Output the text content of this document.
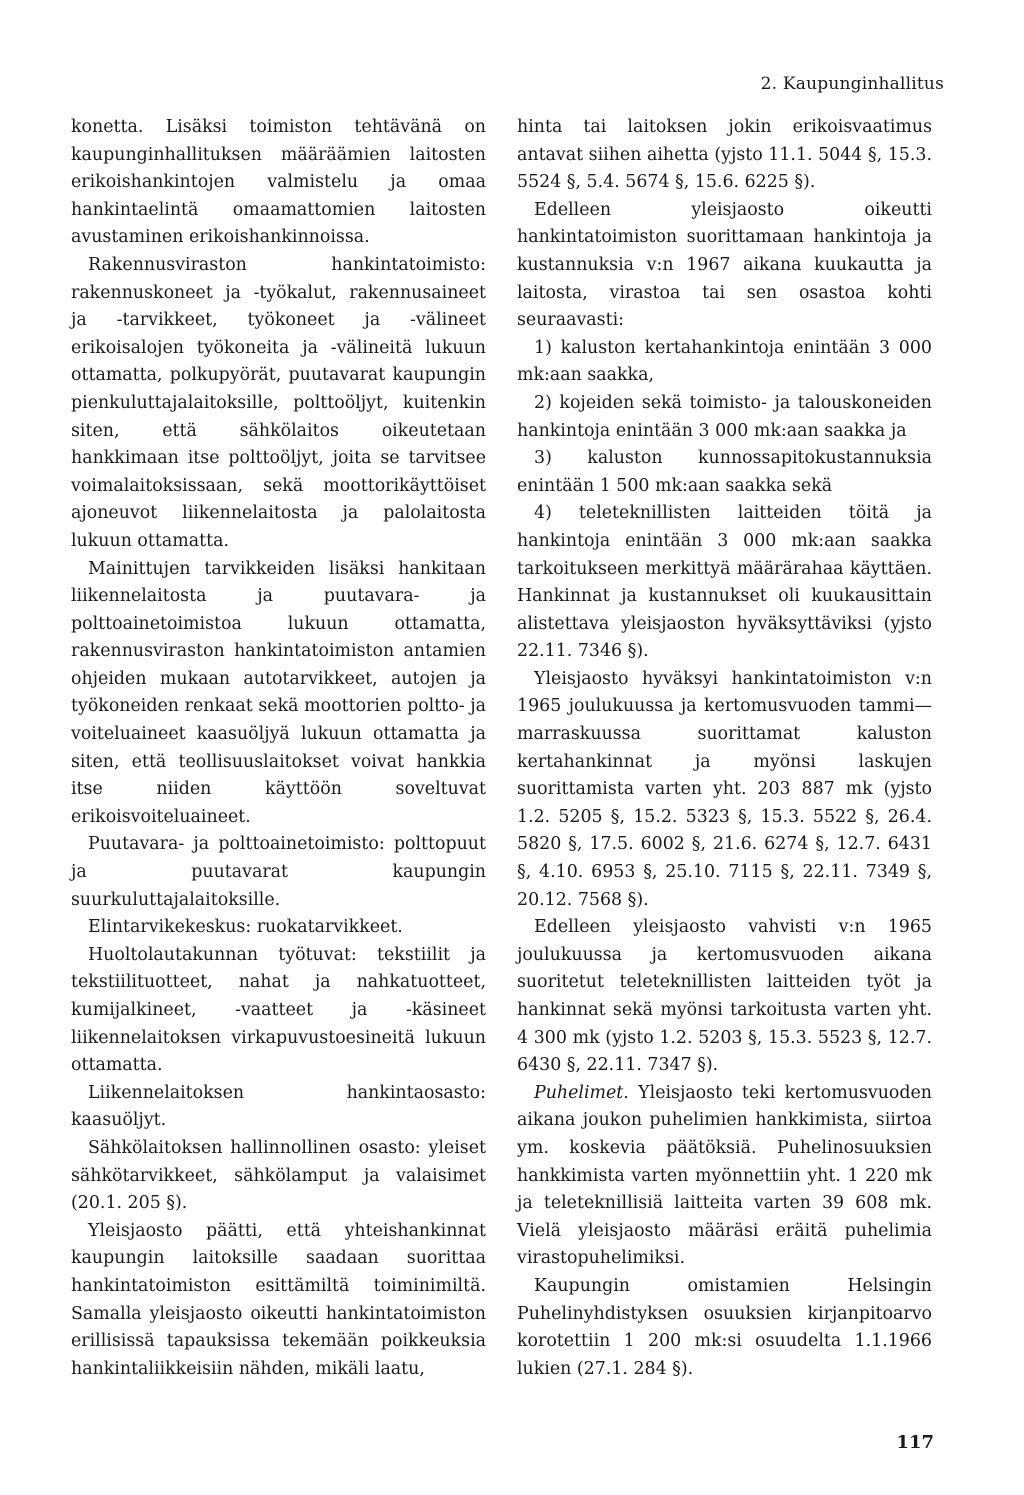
2. Kaupunginhallitus

konetta. Lisäksi toimiston tehtävänä on kaupunginhallituksen määräämien laitosten erikoishankintojen valmistelu ja omaa hankintaelintä omaamattomien laitosten avustaminen erikoishankinnoissa.

Rakennusviraston hankintatoimisto: rakennuskoneet ja -työkalut, rakennusaineet ja -tarvikkeet, työkoneet ja -välineet erikoisalojen työkoneita ja -välineitä lukuun ottamatta, polkupyörät, puutavarat kaupungin pienkuluttajalaitoksille, polttoöljyt, kuitenkin siten, että sähkölaitos oikeutetaan hankkimaan itse polttoöljyt, joita se tarvitsee voimalaitoksissaan, sekä moottorikäyttöiset ajoneuvot liikennelaitosta ja palolaitosta lukuun ottamatta.

Mainittujen tarvikkeiden lisäksi hankitaan liikennelaitosta ja puutavara- ja polttoainetoimistoa lukuun ottamatta, rakennusviraston hankintatoimiston antamien ohjeiden mukaan autotarvikkeet, autojen ja työkoneiden renkaat sekä moottorien poltto- ja voiteluaineet kaasuöljyä lukuun ottamatta ja siten, että teollisuuslaitokset voivat hankkia itse niiden käyttöön soveltuvat erikoisvoiteluaineet.

Puutavara- ja polttoainetoimisto: polttopuut ja puutavarat kaupungin suurkuluttajalaitoksille.

Elintarvikekeskus: ruokatarvikkeet.

Huoltolautakunnan työtuvat: tekstiilit ja tekstiilituotteet, nahat ja nahkatuotteet, kumijalkineet, -vaatteet ja -käsineet liikennelaitoksen virkapuvustoesineitä lukuun ottamatta.

Liikennelaitoksen hankintaosasto: kaasuöljyt.

Sähkölaitoksen hallinnollinen osasto: yleiset sähkötarvikkeet, sähkölamput ja valaisimet (20.1. 205 §).

Yleisjaosto päätti, että yhteishankinnat kaupungin laitoksille saadaan suorittaa hankintatoimiston esittämiltä toiminimiltä. Samalla yleisjaosto oikeutti hankintatoimiston erillisissä tapauksissa tekemään poikkeuksia hankintaliikkeisiin nähden, mikäli laatu,

hinta tai laitoksen jokin erikoisvaatimus antavat siihen aihetta (yjsto 11.1. 5044 §, 15.3. 5524 §, 5.4. 5674 §, 15.6. 6225 §).

Edelleen yleisjaosto oikeutti hankintatoimiston suorittamaan hankintoja ja kustannuksia v:n 1967 aikana kuukautta ja laitosta, virastoa tai sen osastoa kohti seuraavasti:

1) kaluston kertahankintoja enintään 3 000 mk:aan saakka,

2) kojeiden sekä toimisto- ja talouskoneiden hankintoja enintään 3 000 mk:aan saakka ja

3) kaluston kunnossapitokustannuksia enintään 1 500 mk:aan saakka sekä

4) teleteknillisten laitteiden töitä ja hankintoja enintään 3 000 mk:aan saakka tarkoitukseen merkittyä määrärahaa käyttäen. Hankinnat ja kustannukset oli kuukausittain alistettava yleisjaoston hyväksyttäviksi (yjsto 22.11. 7346 §).

Yleisjaosto hyväksyi hankintatoimiston v:n 1965 joulukuussa ja kertomusvuoden tammi—marraskuussa suorittamat kaluston kertahankinnat ja myönsi laskujen suorittamista varten yht. 203 887 mk (yjsto 1.2. 5205 §, 15.2. 5323 §, 15.3. 5522 §, 26.4. 5820 §, 17.5. 6002 §, 21.6. 6274 §, 12.7. 6431 §, 4.10. 6953 §, 25.10. 7115 §, 22.11. 7349 §, 20.12. 7568 §).

Edelleen yleisjaosto vahvisti v:n 1965 joulukuussa ja kertomusvuoden aikana suoritetut teleteknillisten laitteiden työt ja hankinnat sekä myönsi tarkoitusta varten yht. 4 300 mk (yjsto 1.2. 5203 §, 15.3. 5523 §, 12.7. 6430 §, 22.11. 7347 §).

Puhelimet. Yleisjaosto teki kertomusvuoden aikana joukon puhelimien hankkimista, siirtoa ym. koskevia päätöksiä. Puhelinosuuksien hankkimista varten myönnettiin yht. 1 220 mk ja teleteknillisiä laitteita varten 39 608 mk. Vielä yleisjaosto määräsi eräitä puhelimia virastopuhelimiksi.

Kaupungin omistamien Helsingin Puhelinyhdistyksen osuuksien kirjanpitoarvo korotettiin 1 200 mk:si osuudelta 1.1.1966 lukien (27.1. 284 §).

117
